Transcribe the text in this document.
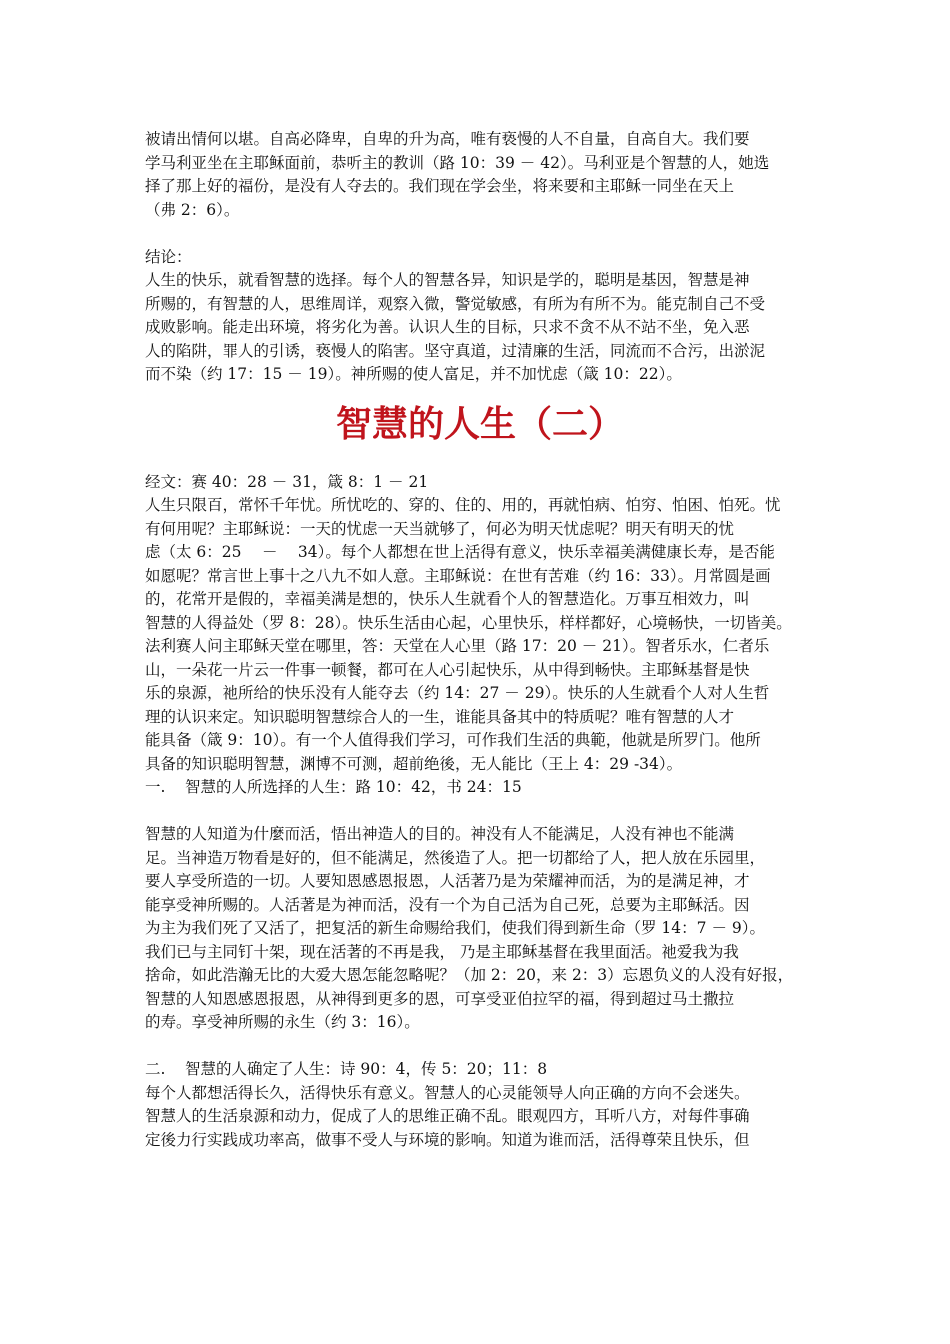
被请出情何以堪。自高必降卑，自卑的升为高，唯有亵慢的人不自量，自高自大。我们要
学马利亚坐在主耶稣面前，恭听主的教训（路 10：39 － 42）。马利亚是个智慧的人，她选
择了那上好的福份，是没有人夺去的。我们现在学会坐，将来要和主耶稣一同坐在天上
（弗 2：6）。
结论：
人生的快乐，就看智慧的选择。每个人的智慧各异，知识是学的，聪明是基因，智慧是神
所赐的，有智慧的人，思维周详，观察入微，警觉敏感，有所为有所不为。能克制自己不受
成败影响。能走出环境，将劣化为善。认识人生的目标，只求不贪不从不站不坐，免入恶
人的陷阱，罪人的引诱，亵慢人的陷害。坚守真道，过清廉的生活，同流而不合污，出淤泥
而不染（约 17：15 － 19）。神所赐的使人富足，并不加忧虑（箴 10：22）。
智慧的人生（二）
经文：赛 40：28 － 31，箴 8：1 － 21
人生只限百，常怀千年忧。所忧吃的、穿的、住的、用的，再就怕病、怕穷、怕困、怕死。忧
有何用呢？主耶稣说：一天的忧虑一天当就够了，何必为明天忧虑呢？明天有明天的忧
虑（太 6：25　 －　 34）。每个人都想在世上活得有意义，快乐幸福美满健康长寿，是否能
如愿呢？常言世上事十之八九不如人意。主耶稣说：在世有苦难（约 16：33）。月常圆是画
的，花常开是假的，幸福美满是想的，快乐人生就看个人的智慧造化。万事互相效力，叫
智慧的人得益处（罗 8：28）。快乐生活由心起，心里快乐，样样都好，心境畅快，一切皆美。
法利赛人问主耶稣天堂在哪里，答：天堂在人心里（路 17：20 － 21）。智者乐水，仁者乐
山，一朵花一片云一件事一顿餐，都可在人心引起快乐，从中得到畅快。主耶稣基督是快
乐的泉源，祂所给的快乐没有人能夺去（约 14：27 － 29）。快乐的人生就看个人对人生哲
理的认识来定。知识聪明智慧综合人的一生，谁能具备其中的特质呢？唯有智慧的人才
能具备（箴 9：10）。有一个人值得我们学习，可作我们生活的典範，他就是所罗门。他所
具备的知识聪明智慧，渊博不可测，超前绝後，无人能比（王上 4：29 -34）。
一. 智慧的人所选择的人生：路 10：42，书 24：15
智慧的人知道为什麼而活，悟出神造人的目的。神没有人不能满足，人没有神也不能满
足。当神造万物看是好的，但不能满足，然後造了人。把一切都给了人，把人放在乐园里，
要人享受所造的一切。人要知恩感恩报恩，人活著乃是为荣耀神而活，为的是满足神，才
能享受神所赐的。人活著是为神而活，没有一个为自己活为自己死，总要为主耶稣活。因
为主为我们死了又活了，把复活的新生命赐给我们，使我们得到新生命（罗 14：7 － 9）。
我们已与主同钉十架，现在活著的不再是我， 乃是主耶稣基督在我里面活。祂爱我为我
捨命，如此浩瀚无比的大爱大恩怎能忽略呢？（加 2：20，来 2：3）忘恩负义的人没有好报，
智慧的人知恩感恩报恩，从神得到更多的恩，可享受亚伯拉罕的福，得到超过马土撒拉
的寿。享受神所赐的永生（约 3：16）。
二. 智慧的人确定了人生：诗 90：4，传 5：20；11：8
每个人都想活得长久，活得快乐有意义。智慧人的心灵能领导人向正确的方向不会迷失。
智慧人的生活泉源和动力，促成了人的思维正确不乱。眼观四方，耳听八方，对每件事确
定後力行实践成功率高，做事不受人与环境的影响。知道为谁而活，活得尊荣且快乐，但
